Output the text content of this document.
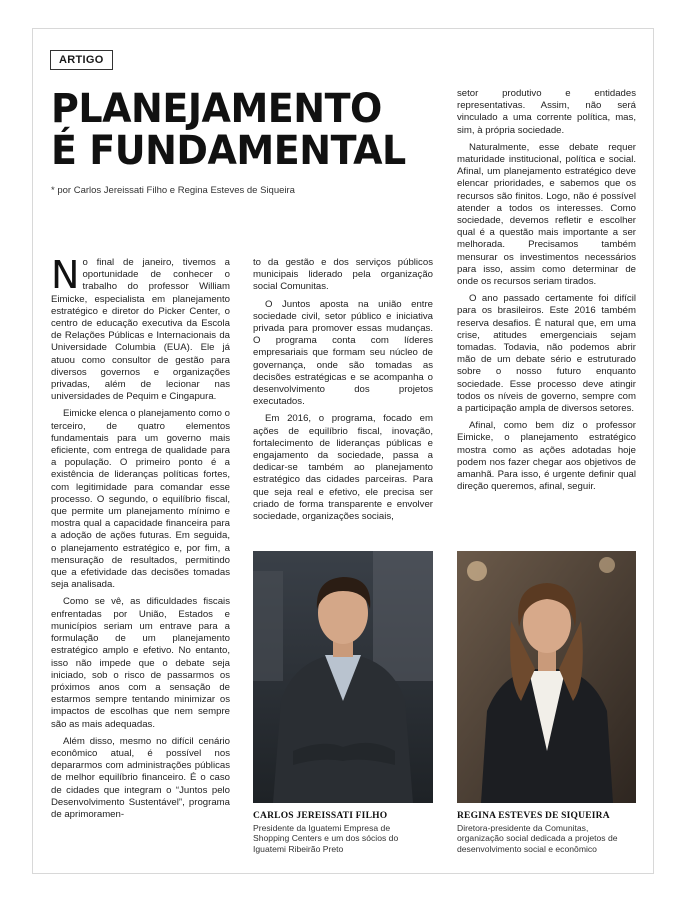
ARTIGO
PLANEJAMENTO
É FUNDAMENTAL
* por Carlos Jereissati Filho e Regina Esteves de Siqueira

No final de janeiro, tivemos a oportunidade de conhecer o trabalho do professor William Eimicke, especialista em planejamento estratégico e diretor do Picker Center, o centro de educação executiva da Escola de Relações Públicas e Internacionais da Universidade Columbia (EUA). Ele já atuou como consultor de gestão para diversos governos e organizações privadas, além de lecionar nas universidades de Pequim e Cingapura.

Eimicke elenca o planejamento como o terceiro, de quatro elementos fundamentais para um governo mais eficiente, com entrega de qualidade para a população. O primeiro ponto é a existência de lideranças políticas fortes, com legitimidade para comandar esse processo. O segundo, o equilíbrio fiscal, que permite um planejamento mínimo e mostra qual a capacidade financeira para a adoção de ações futuras. Em seguida, o planejamento estratégico e, por fim, a mensuração de resultados, permitindo que a efetividade das decisões tomadas seja analisada.

Como se vê, as dificuldades fiscais enfrentadas por União, Estados e municípios seriam um entrave para a formulação de um planejamento estratégico amplo e efetivo. No entanto, isso não impede que o debate seja iniciado, sob o risco de passarmos os próximos anos com a sensação de estarmos sempre tentando minimizar os impactos de escolhas que nem sempre são as mais adequadas.

Além disso, mesmo no difícil cenário econômico atual, é possível nos depararmos com administrações públicas de melhor equilíbrio financeiro. É o caso de cidades que integram o “Juntos pelo Desenvolvimento Sustentável”, programa de aprimoramen-

to da gestão e dos serviços públicos municipais liderado pela organização social Comunitas.

O Juntos aposta na união entre sociedade civil, setor público e iniciativa privada para promover essas mudanças. O programa conta com líderes empresariais que formam seu núcleo de governança, onde são tomadas as decisões estratégicas e se acompanha o desenvolvimento dos projetos executados.

Em 2016, o programa, focado em ações de equilíbrio fiscal, inovação, fortalecimento de lideranças públicas e engajamento da sociedade, passa a dedicar-se também ao planejamento estratégico das cidades parceiras. Para que seja real e efetivo, ele precisa ser criado de forma transparente e envolver sociedade, organizações sociais,

setor produtivo e entidades representativas. Assim, não será vinculado a uma corrente política, mas, sim, à própria sociedade.

Naturalmente, esse debate requer maturidade institucional, política e social. Afinal, um planejamento estratégico deve elencar prioridades, e sabemos que os recursos são finitos. Logo, não é possível atender a todos os interesses. Como sociedade, devemos refletir e escolher qual é a questão mais importante a ser melhorada. Precisamos também mensurar os investimentos necessários para isso, assim como determinar de onde os recursos seriam tirados.

O ano passado certamente foi difícil para os brasileiros. Este 2016 também reserva desafios. É natural que, em uma crise, atitudes emergenciais sejam tomadas. Todavia, não podemos abrir mão de um debate sério e estruturado sobre o nosso futuro enquanto sociedade. Esse processo deve atingir todos os níveis de governo, sempre com a participação ampla de diversos setores.

Afinal, como bem diz o professor Eimicke, o planejamento estratégico mostra como as ações adotadas hoje podem nos fazer chegar aos objetivos de amanhã. Para isso, é urgente definir qual direção queremos, afinal, seguir.

CARLOS JEREISSATI FILHO
Presidente da Iguatemi Empresa de Shopping Centers e um dos sócios do Iguatemi Ribeirão Preto
REGINA ESTEVES DE SIQUEIRA
Diretora-presidente da Comunitas, organização social dedicada a projetos de desenvolvimento social e econômico
